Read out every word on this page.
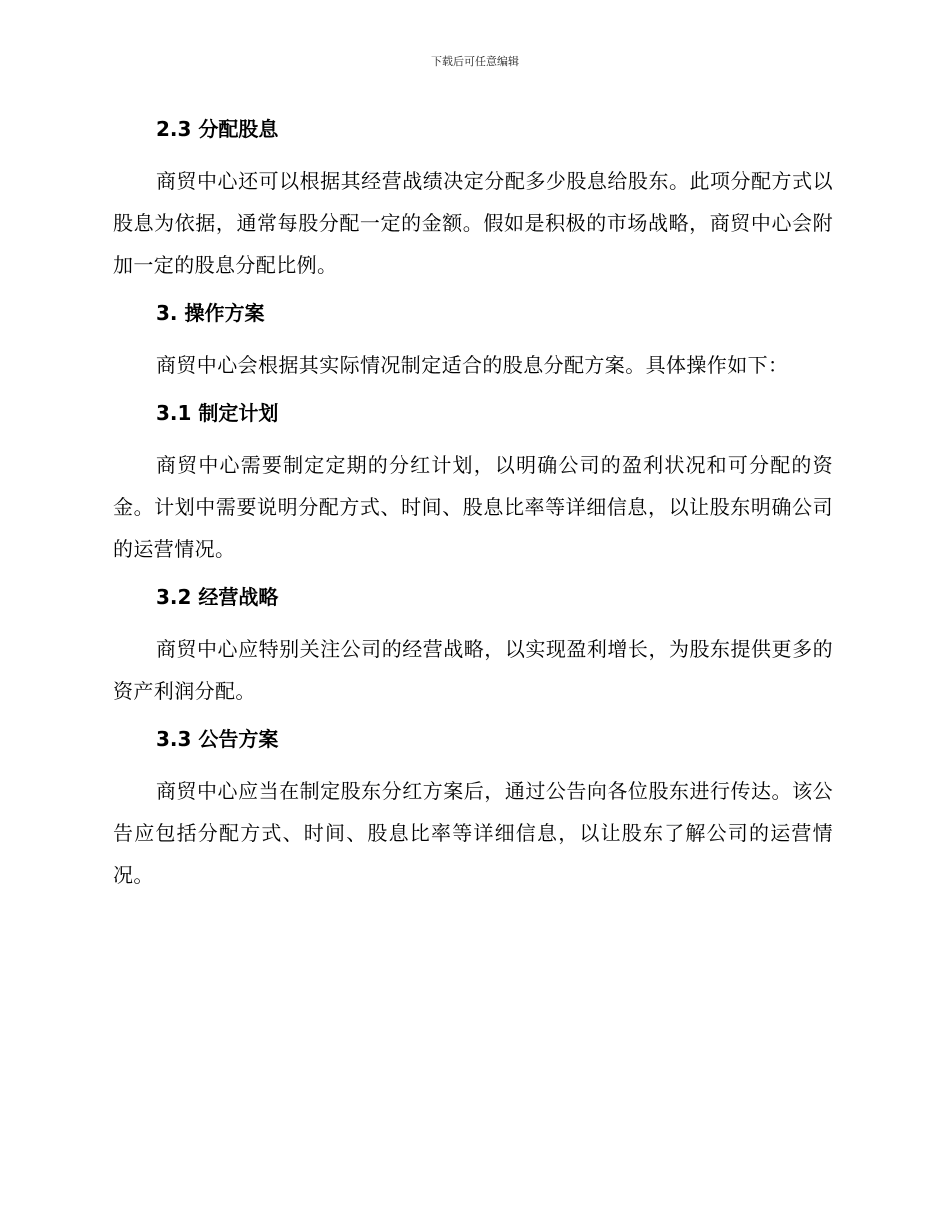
下载后可任意编辑
2.3 分配股息

商贸中心还可以根据其经营战绩决定分配多少股息给股东。此项分配方式以股息为依据，通常每股分配一定的金额。假如是积极的市场战略，商贸中心会附加一定的股息分配比例。

3. 操作方案

商贸中心会根据其实际情况制定适合的股息分配方案。具体操作如下：

3.1 制定计划

商贸中心需要制定定期的分红计划，以明确公司的盈利状况和可分配的资金。计划中需要说明分配方式、时间、股息比率等详细信息，以让股东明确公司的运营情况。

3.2 经营战略

商贸中心应特别关注公司的经营战略，以实现盈利增长，为股东提供更多的资产利润分配。

3.3 公告方案

商贸中心应当在制定股东分红方案后，通过公告向各位股东进行传达。该公告应包括分配方式、时间、股息比率等详细信息，以让股东了解公司的运营情况。
